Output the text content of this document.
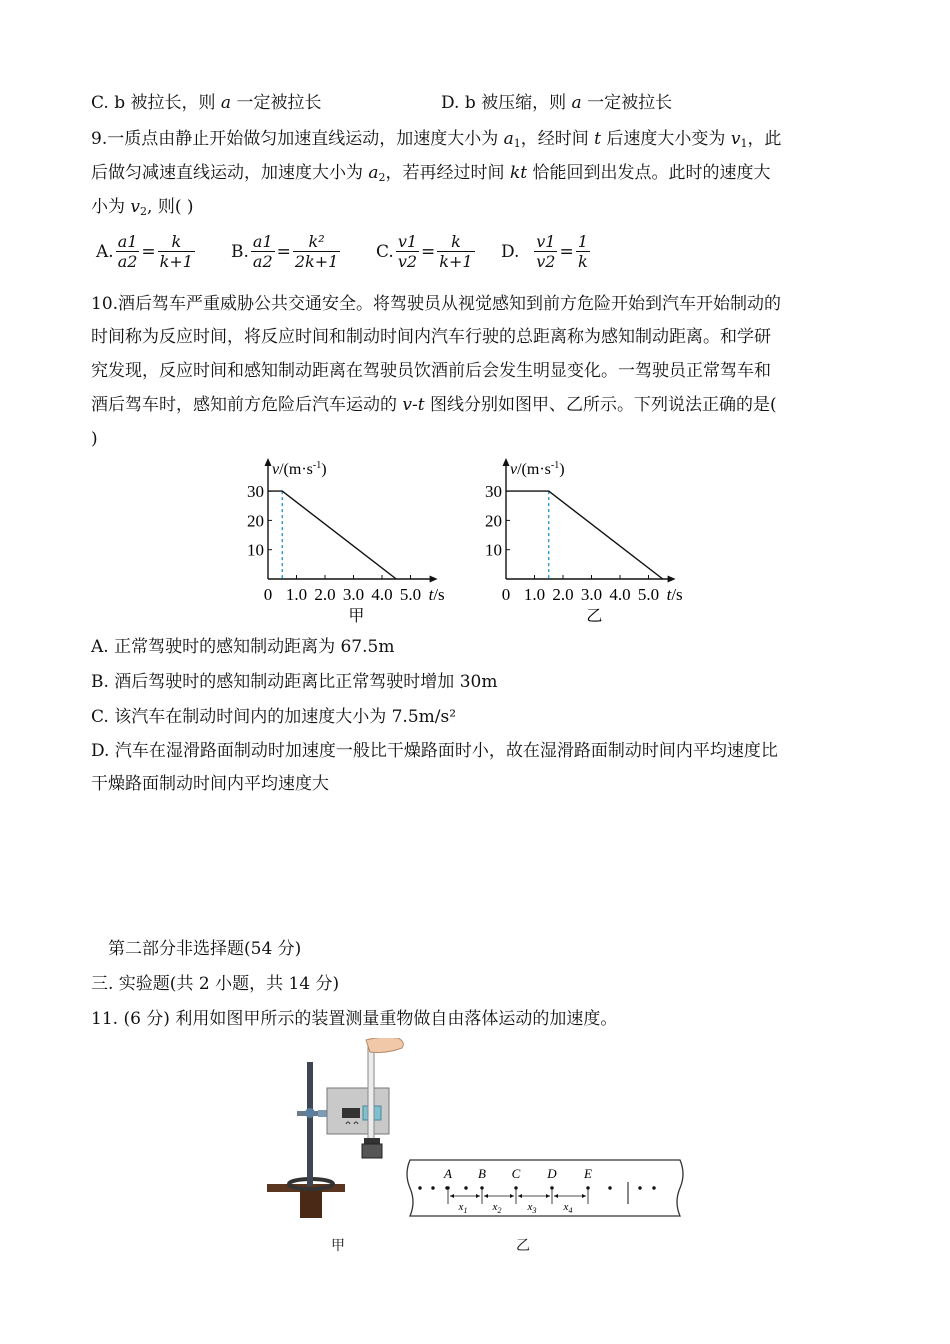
C. b 被拉长，则 a 一定被拉长	D. b 被压缩，则 a 一定被拉长
9.一质点由静止开始做匀加速直线运动，加速度大小为 $a_1$，经时间 t 后速度大小变为 $v_1$，此
后做匀减速直线运动，加速度大小为 $a_2$，若再经过时间 kt 恰能回到出发点。此时的速度大
小为 $v_2$, 则( )
A. $\frac{a1}{a2} = \frac{k}{k+1} B$. $\frac{a1}{a2} = \frac{\text{k²}}{2k+1} C$. $\frac{v1}{v2} = \frac{k}{k+1} D$.
$\frac{v1}{v2} = \frac{1}{k}$
10.酒后驾车严重威胁公共交通安全。将驾驶员从视觉感知到前方危险开始到汽车开始制动的
时间称为反应时间，将反应时间和制动时间内汽车行驶的总距离称为感知制动距离。和学研
究发现，反应时间和感知制动距离在驾驶员饮酒前后会发生明显变化。一驾驶员正常驾车和
酒后驾车时，感知前方危险后汽车运动的 v-t 图线分别如图甲、乙所示。下列说法正确的是(
)
$v/(m\cdot s^{-1})$
10
20
30
0 1.0 2.0 3.0 4.0 5.0 t/s
甲
$v/(m\cdot s^{-1})$
10
20
30
0 1.0 2.0 3.0 4.0 5.0 t/s
乙
A. 正常驾驶时的感知制动距离为 67.5m
B. 酒后驾驶时的感知制动距离比正常驾驶时增加 30m
C. 该汽车在制动时间内的加速度大小为 7.5m/s²
D. 汽车在湿滑路面制动时加速度一般比干燥路面时小，故在湿滑路面制动时间内平均速度比
干燥路面制动时间内平均速度大
第二部分非选择题(54 分)
三. 实验题(共 2 小题，共 14 分)
11. (6 分) 利用如图甲所示的装置测量重物做自由落体运动的加速度。
A B C D E
$x_1$ $x_2$ $x_3$ $x_4$
甲	乙
